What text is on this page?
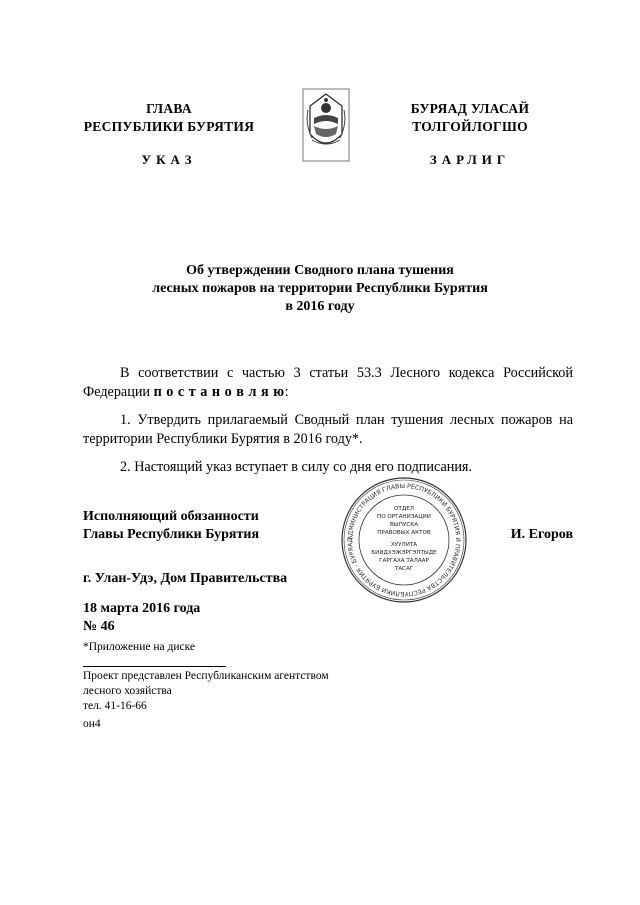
ГЛАВА
РЕСПУБЛИКИ БУРЯТИЯ
УКАЗ
БУРЯАД УЛАСАЙ
ТОЛГОЙЛОГШО
ЗАРЛИГ
Об утверждении Сводного плана тушения
лесных пожаров на территории Республики Бурятия
в 2016 году
В соответствии с частью 3 статьи 53.3 Лесного кодекса Российской Федерации п о с т а н о в л я ю:
1. Утвердить прилагаемый Сводный план тушения лесных пожаров на территории Республики Бурятия в 2016 году*.
2. Настоящий указ вступает в силу со дня его подписания.
Исполняющий обязанности
Главы Республики Бурятия	И. Егоров
АДМИНИСТРАЦИЯ ГЛАВЫ РЕСПУБЛИКИ БУРЯТИЯ И ПРАВИТЕЛЬСТВА РЕСПУБЛИКИ БУРЯТИЯ · БУРЯАД
ОТДЕЛ
ПО ОРГАНИЗАЦИИ
ВЫПУСКА
ПРАВОВЫХ АКТОВ
ХУУЛИТА
БИИДХЭЖЭРГЭЛТЫДЕ
ГАРГАХА ТАЛААР
ТАСАГ
г. Улан-Удэ, Дом Правительства
18 марта 2016 года
№ 46
*Приложение на диске
Проект представлен Республиканским агентством
лесного хозяйства
тел. 41-16-66
он4
